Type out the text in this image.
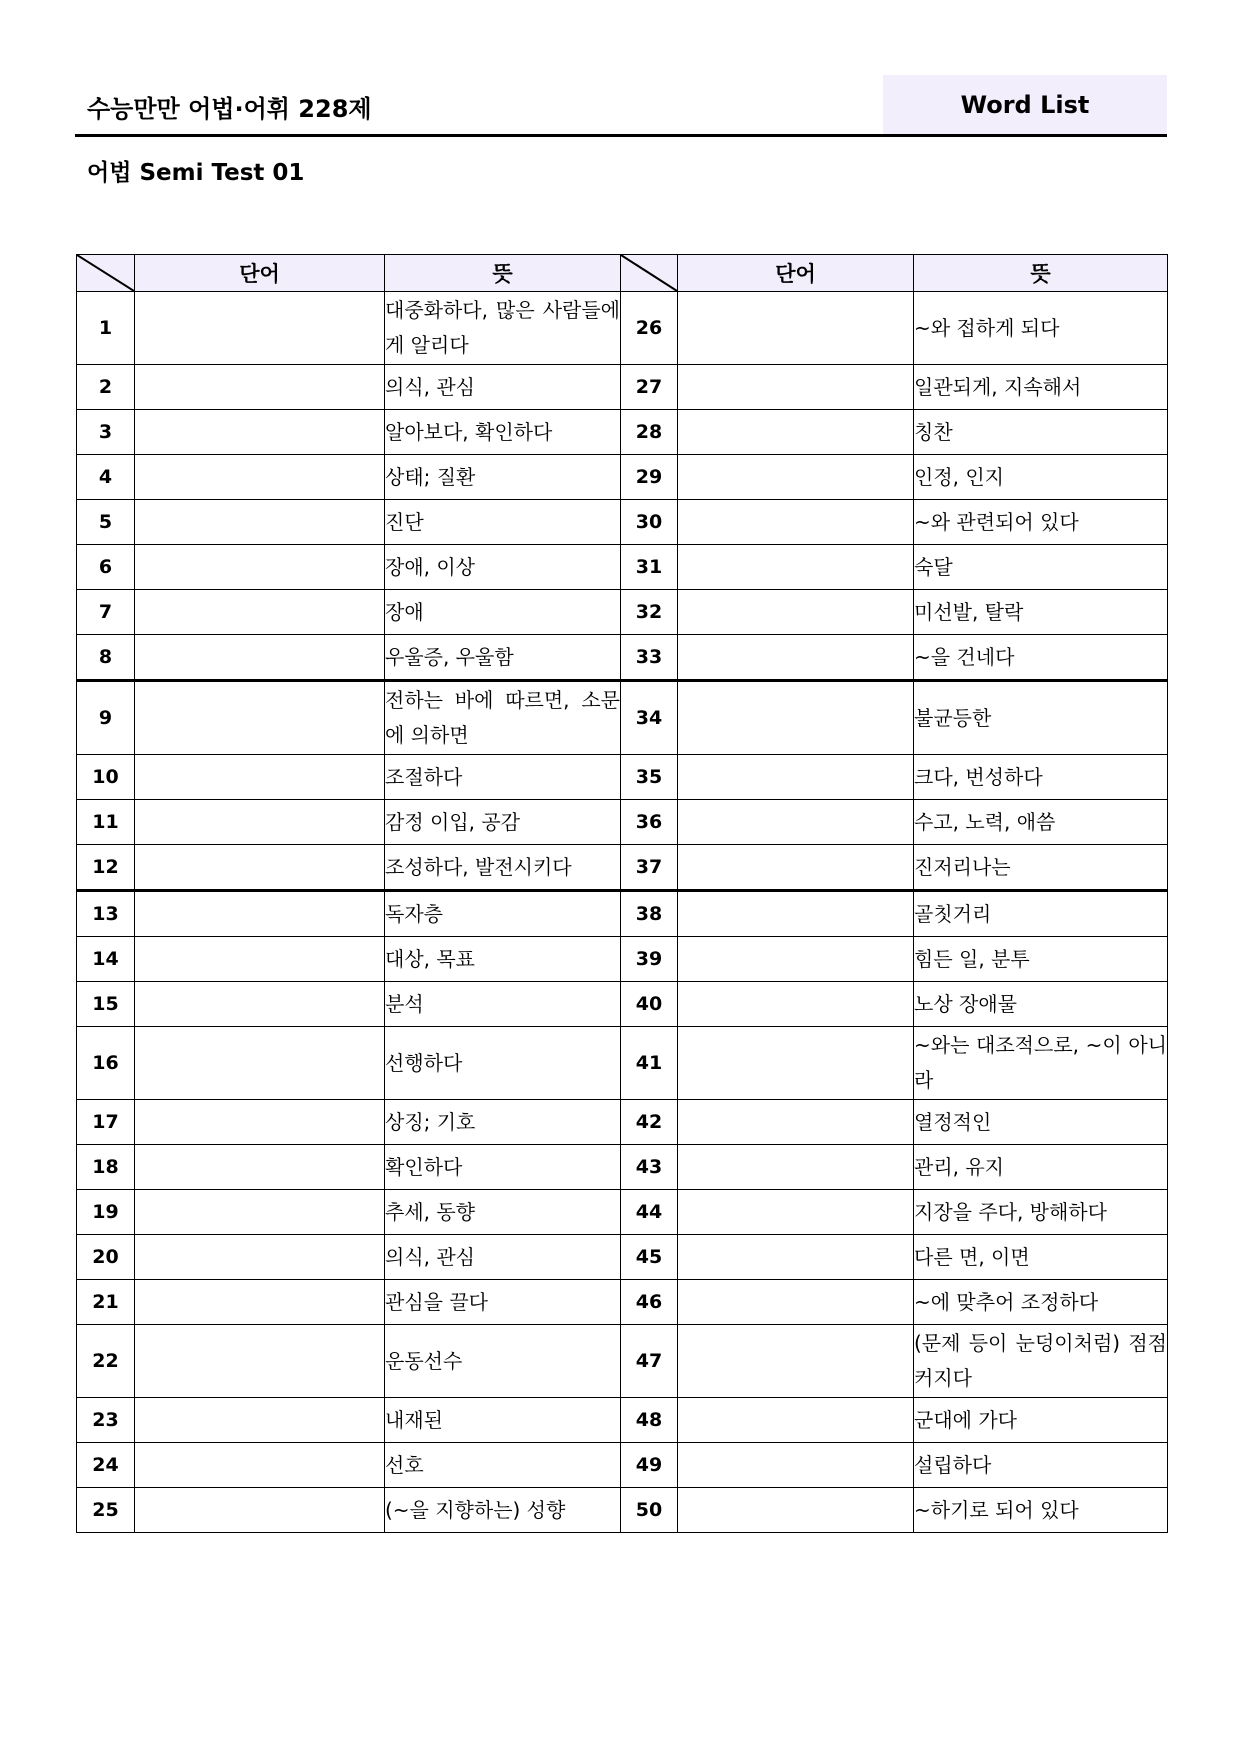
수능만만 어법·어휘 228제	Word List
어법 Semi Test 01
	단어	뜻		단어	뜻
1		대중화하다, 많은 사람들에게 알리다	26		~와 접하게 되다
2		의식, 관심	27		일관되게, 지속해서
3		알아보다, 확인하다	28		칭찬
4		상태; 질환	29		인정, 인지
5		진단	30		~와 관련되어 있다
6		장애, 이상	31		숙달
7		장애	32		미선발, 탈락
8		우울증, 우울함	33		~을 건네다
9		전하는 바에 따르면, 소문에 의하면	34		불균등한
10		조절하다	35		크다, 번성하다
11		감정 이입, 공감	36		수고, 노력, 애씀
12		조성하다, 발전시키다	37		진저리나는
13		독자층	38		골칫거리
14		대상, 목표	39		힘든 일, 분투
15		분석	40		노상 장애물
16		선행하다	41		~와는 대조적으로, ~이 아니라
17		상징; 기호	42		열정적인
18		확인하다	43		관리, 유지
19		추세, 동향	44		지장을 주다, 방해하다
20		의식, 관심	45		다른 면, 이면
21		관심을 끌다	46		~에 맞추어 조정하다
22		운동선수	47		(문제 등이 눈덩이처럼) 점점 커지다
23		내재된	48		군대에 가다
24		선호	49		설립하다
25		(~을 지향하는) 성향	50		~하기로 되어 있다
